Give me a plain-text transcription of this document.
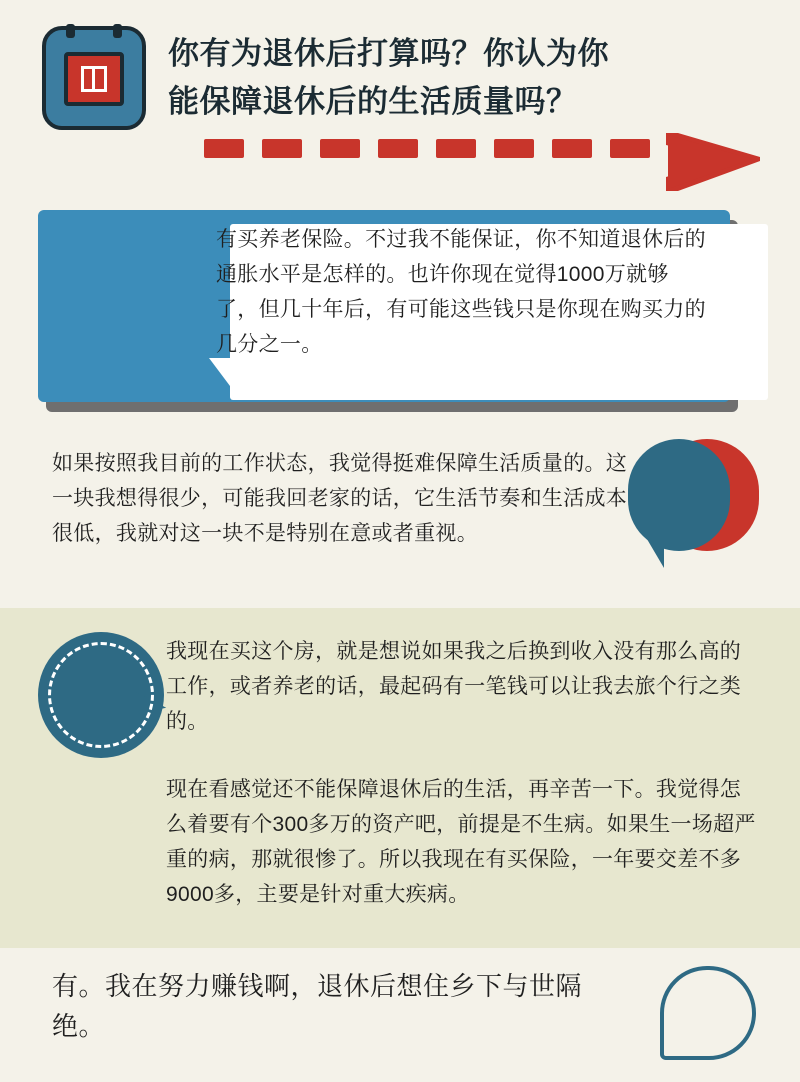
你有为退休后打算吗？你认为你
能保障退休后的生活质量吗？
有买养老保险。不过我不能保证，你不知道退休后的通胀水平是怎样的。也许你现在觉得1000万就够了，但几十年后，有可能这些钱只是你现在购买力的几分之一。
如果按照我目前的工作状态，我觉得挺难保障生活质量的。这一块我想得很少，可能我回老家的话，它生活节奏和生活成本很低，我就对这一块不是特别在意或者重视。
我现在买这个房，就是想说如果我之后换到收入没有那么高的工作，或者养老的话，最起码有一笔钱可以让我去旅个行之类的。
现在看感觉还不能保障退休后的生活，再辛苦一下。我觉得怎么着要有个300多万的资产吧，前提是不生病。如果生一场超严重的病，那就很惨了。所以我现在有买保险，一年要交差不多9000多，主要是针对重大疾病。
有。我在努力赚钱啊，退休后想住乡下与世隔绝。
